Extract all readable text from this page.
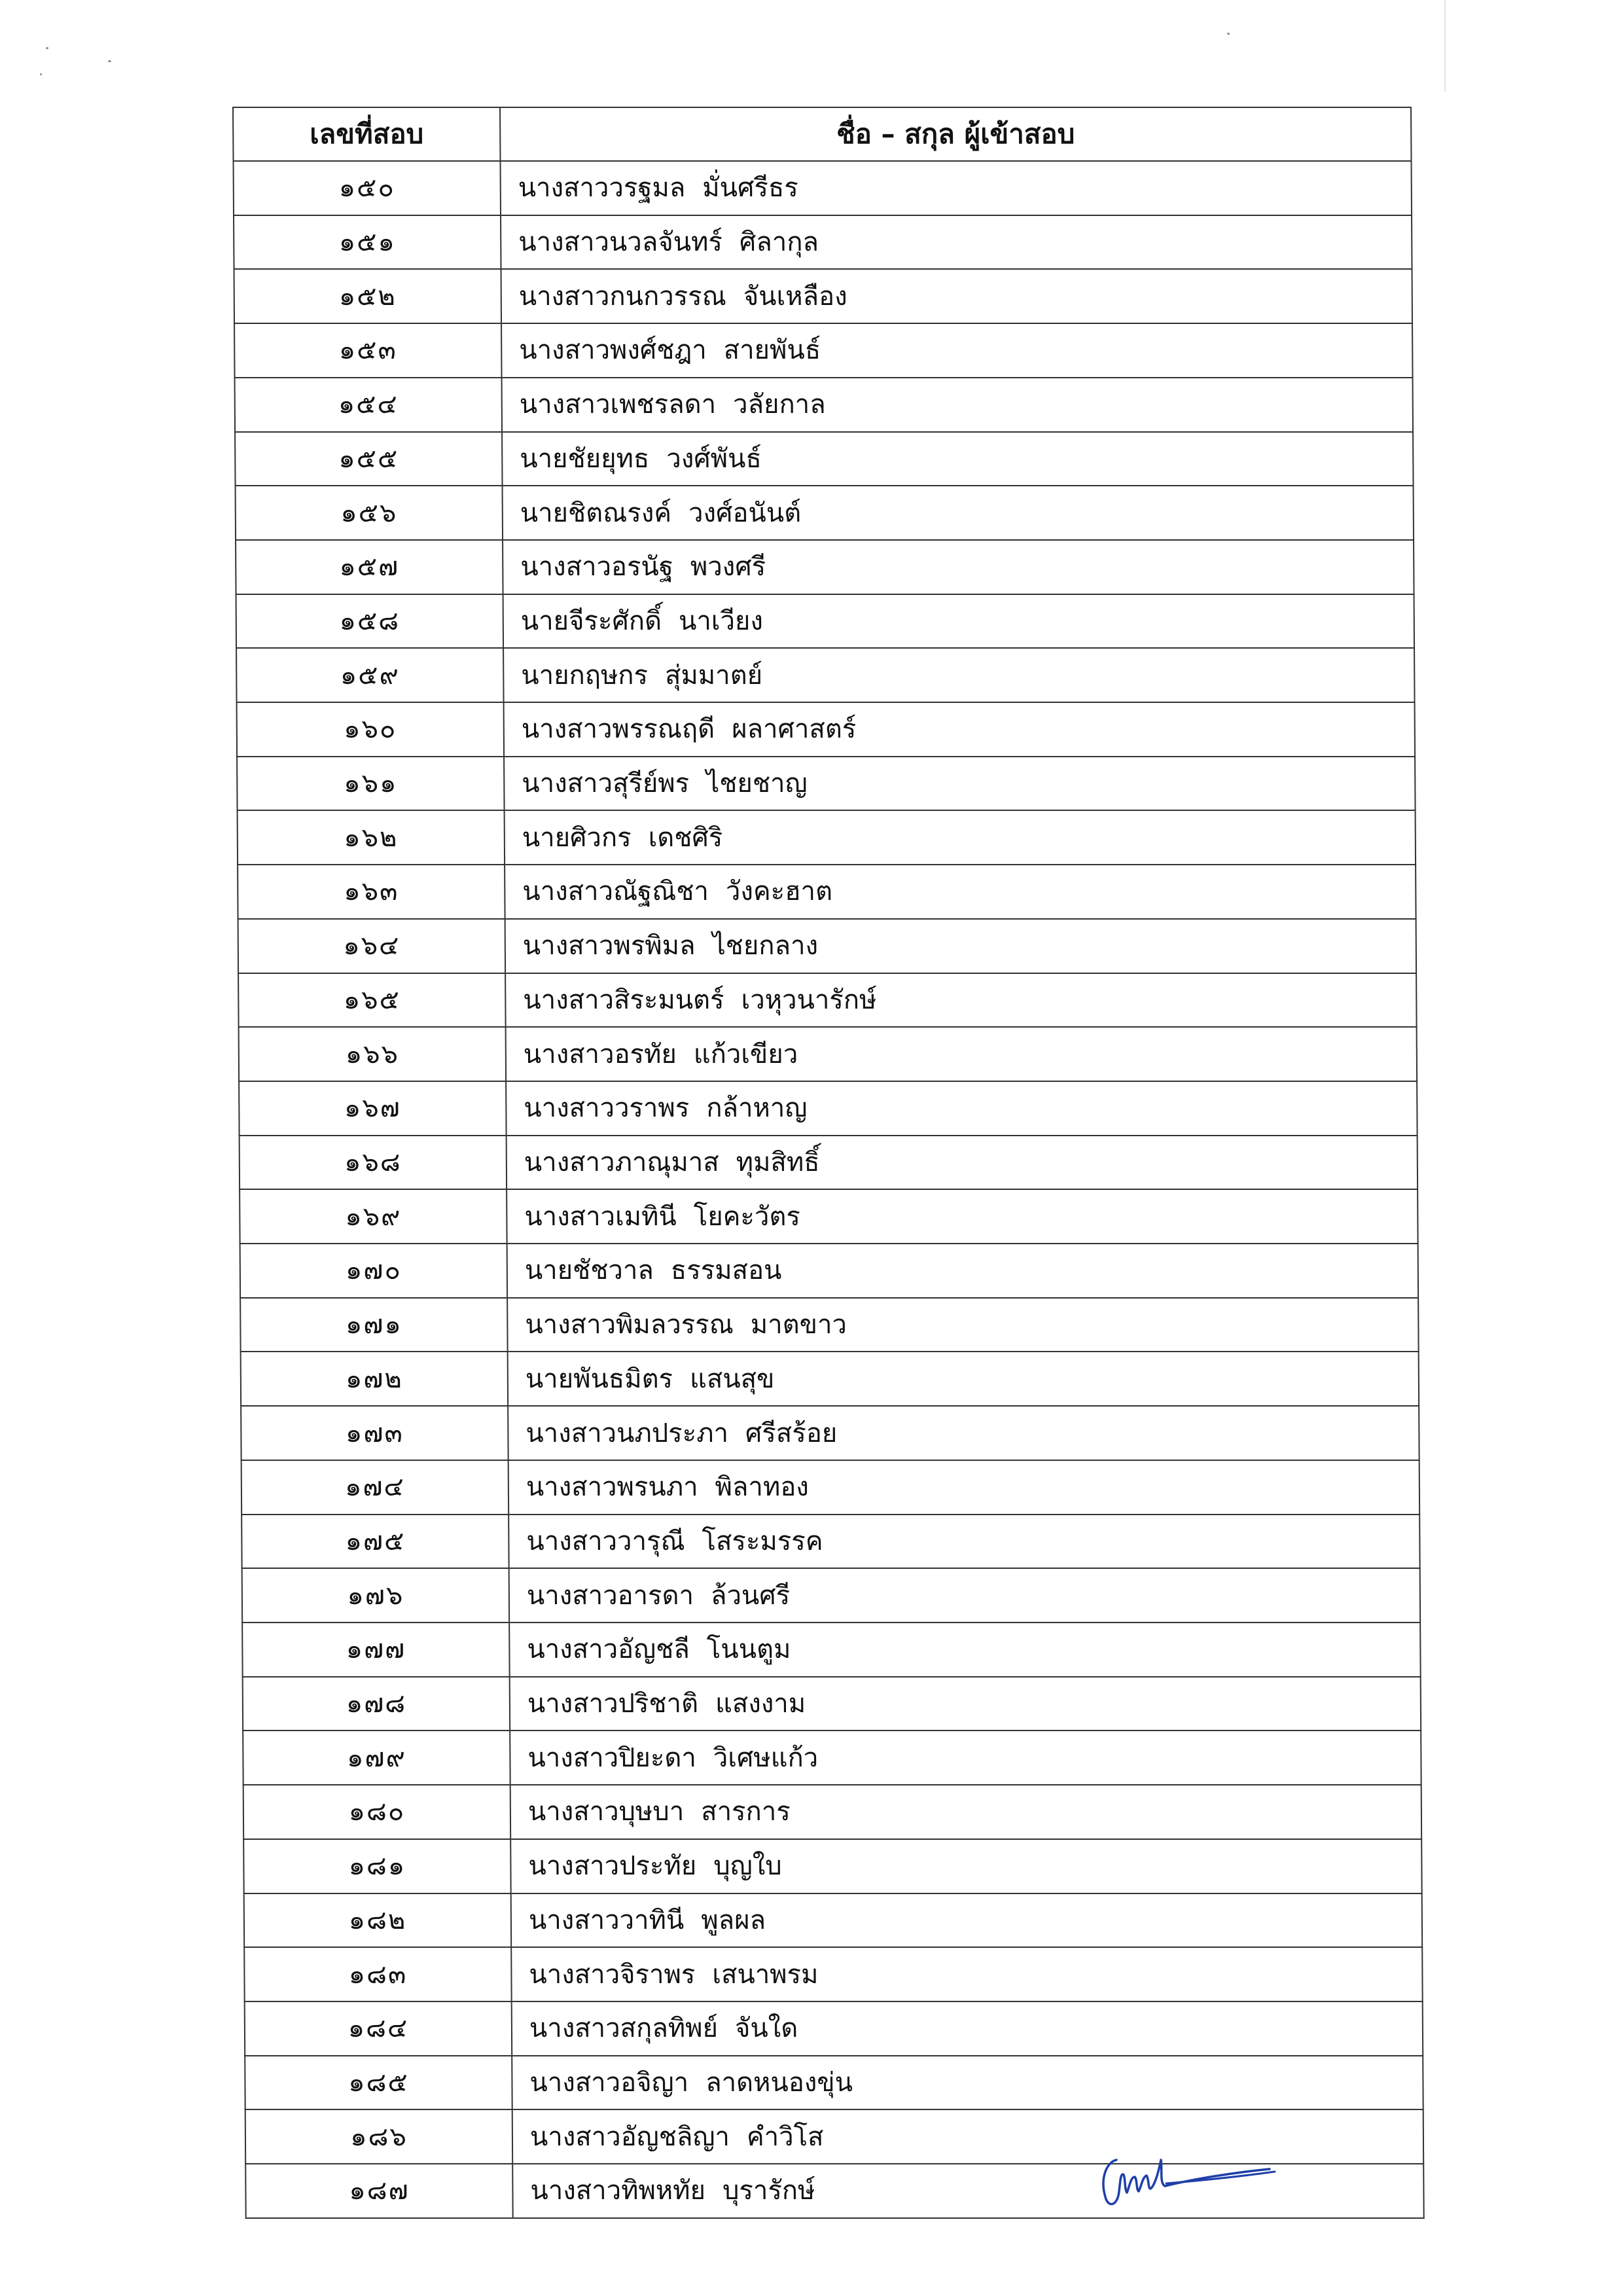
เลขที่สอบ	ชื่อ – สกุล ผู้เข้าสอบ
๑๕๐	นางสาววรฐมล มั่นศรีธร
๑๕๑	นางสาวนวลจันทร์ ศิลากุล
๑๕๒	นางสาวกนกวรรณ จันเหลือง
๑๕๓	นางสาวพงศ์ชฎา สายพันธ์
๑๕๔	นางสาวเพชรลดา วลัยกาล
๑๕๕	นายชัยยุทธ วงศ์พันธ์
๑๕๖	นายชิตณรงค์ วงศ์อนันต์
๑๕๗	นางสาวอรนัฐ พวงศรี
๑๕๘	นายจีระศักดิ์ นาเวียง
๑๕๙	นายกฤษกร สุ่มมาตย์
๑๖๐	นางสาวพรรณฤดี ผลาศาสตร์
๑๖๑	นางสาวสุรีย์พร ไชยชาญ
๑๖๒	นายศิวกร เดชศิริ
๑๖๓	นางสาวณัฐณิชา วังคะฮาต
๑๖๔	นางสาวพรพิมล ไชยกลาง
๑๖๕	นางสาวสิระมนตร์ เวหุวนารักษ์
๑๖๖	นางสาวอรทัย แก้วเขียว
๑๖๗	นางสาววราพร กล้าหาญ
๑๖๘	นางสาวภาณุมาส ทุมสิทธิ์
๑๖๙	นางสาวเมทินี โยคะวัตร
๑๗๐	นายชัชวาล ธรรมสอน
๑๗๑	นางสาวพิมลวรรณ มาตขาว
๑๗๒	นายพันธมิตร แสนสุข
๑๗๓	นางสาวนภประภา ศรีสร้อย
๑๗๔	นางสาวพรนภา พิลาทอง
๑๗๕	นางสาววารุณี โสระมรรค
๑๗๖	นางสาวอารดา ล้วนศรี
๑๗๗	นางสาวอัญชลี โนนตูม
๑๗๘	นางสาวปริชาติ แสงงาม
๑๗๙	นางสาวปิยะดา วิเศษแก้ว
๑๘๐	นางสาวบุษบา สารการ
๑๘๑	นางสาวประทัย บุญใบ
๑๘๒	นางสาววาทินี พูลผล
๑๘๓	นางสาวจิราพร เสนาพรม
๑๘๔	นางสาวสกุลทิพย์ จันใด
๑๘๕	นางสาวอจิญา ลาดหนองขุ่น
๑๘๖	นางสาวอัญชลิญา คำวิโส
๑๘๗	นางสาวทิพหทัย บุรารักษ์
